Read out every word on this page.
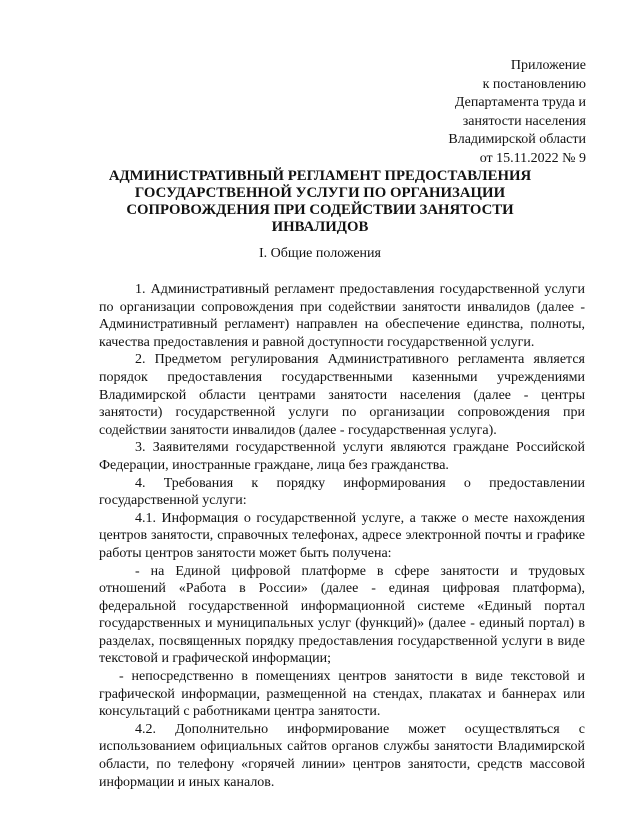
Приложение
к постановлению
Департамента труда и
занятости населения
Владимирской области
от 15.11.2022 № 9
АДМИНИСТРАТИВНЫЙ РЕГЛАМЕНТ ПРЕДОСТАВЛЕНИЯ ГОСУДАРСТВЕННОЙ УСЛУГИ ПО ОРГАНИЗАЦИИ СОПРОВОЖДЕНИЯ ПРИ СОДЕЙСТВИИ ЗАНЯТОСТИ ИНВАЛИДОВ
I. Общие положения

1. Административный регламент предоставления государственной услуги по организации сопровождения при содействии занятости инвалидов (далее - Административный регламент) направлен на обеспечение единства, полноты, качества предоставления и равной доступности государственной услуги.

2. Предметом регулирования Административного регламента является порядок предоставления государственными казенными учреждениями Владимирской области центрами занятости населения (далее - центры занятости) государственной услуги по организации сопровождения при содействии занятости инвалидов (далее - государственная услуга).

3. Заявителями государственной услуги являются граждане Российской Федерации, иностранные граждане, лица без гражданства.

4. Требования к порядку информирования о предоставлении государственной услуги:

4.1. Информация о государственной услуге, а также о месте нахождения центров занятости, справочных телефонах, адресе электронной почты и графике работы центров занятости может быть получена:

- на Единой цифровой платформе в сфере занятости и трудовых отношений «Работа в России» (далее - единая цифровая платформа), федеральной государственной информационной системе «Единый портал государственных и муниципальных услуг (функций)» (далее - единый портал) в разделах, посвященных порядку предоставления государственной услуги в виде текстовой и графической информации;

- непосредственно в помещениях центров занятости в виде текстовой и графической информации, размещенной на стендах, плакатах и баннерах или консультаций с работниками центра занятости.

4.2. Дополнительно информирование может осуществляться с использованием официальных сайтов органов службы занятости Владимирской области, по телефону «горячей линии» центров занятости, средств массовой информации и иных каналов.
